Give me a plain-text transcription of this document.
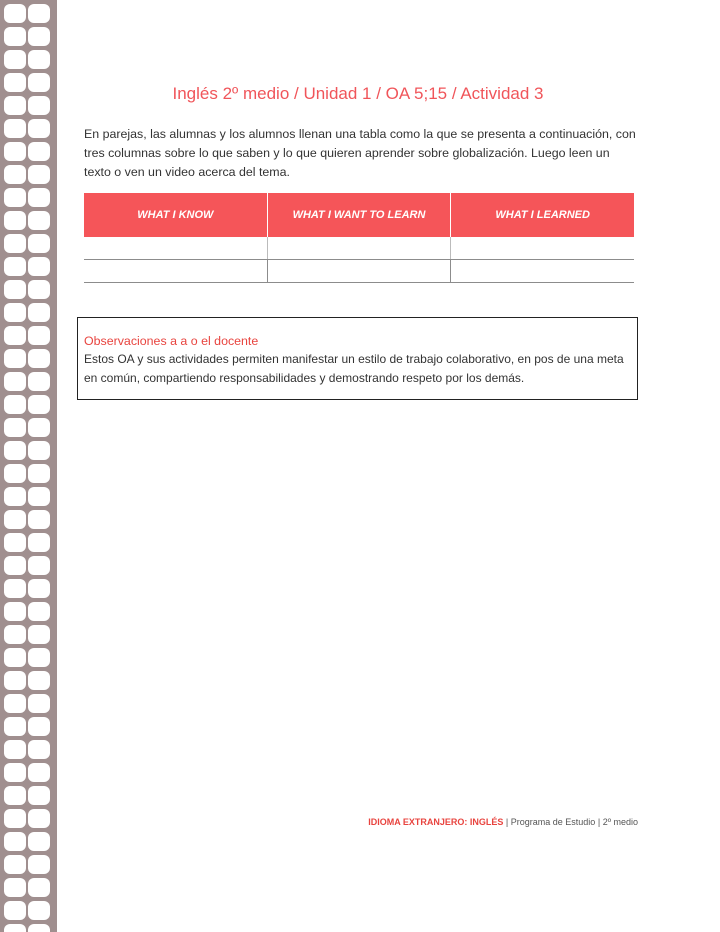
Inglés 2º medio / Unidad 1 / OA 5;15 / Actividad 3
En parejas, las alumnas y los alumnos llenan una tabla como la que se presenta a continuación, con tres columnas sobre lo que saben y lo que quieren aprender sobre globalización. Luego leen un texto o ven un video acerca del tema.
WHAT I KNOW	WHAT I WANT TO LEARN	WHAT I LEARNED
Observaciones a a o el docente
Estos OA y sus actividades permiten manifestar un estilo de trabajo colaborativo, en pos de una meta en común, compartiendo responsabilidades y demostrando respeto por los demás.
IDIOMA EXTRANJERO: INGLÉS | Programa de Estudio | 2º medio
